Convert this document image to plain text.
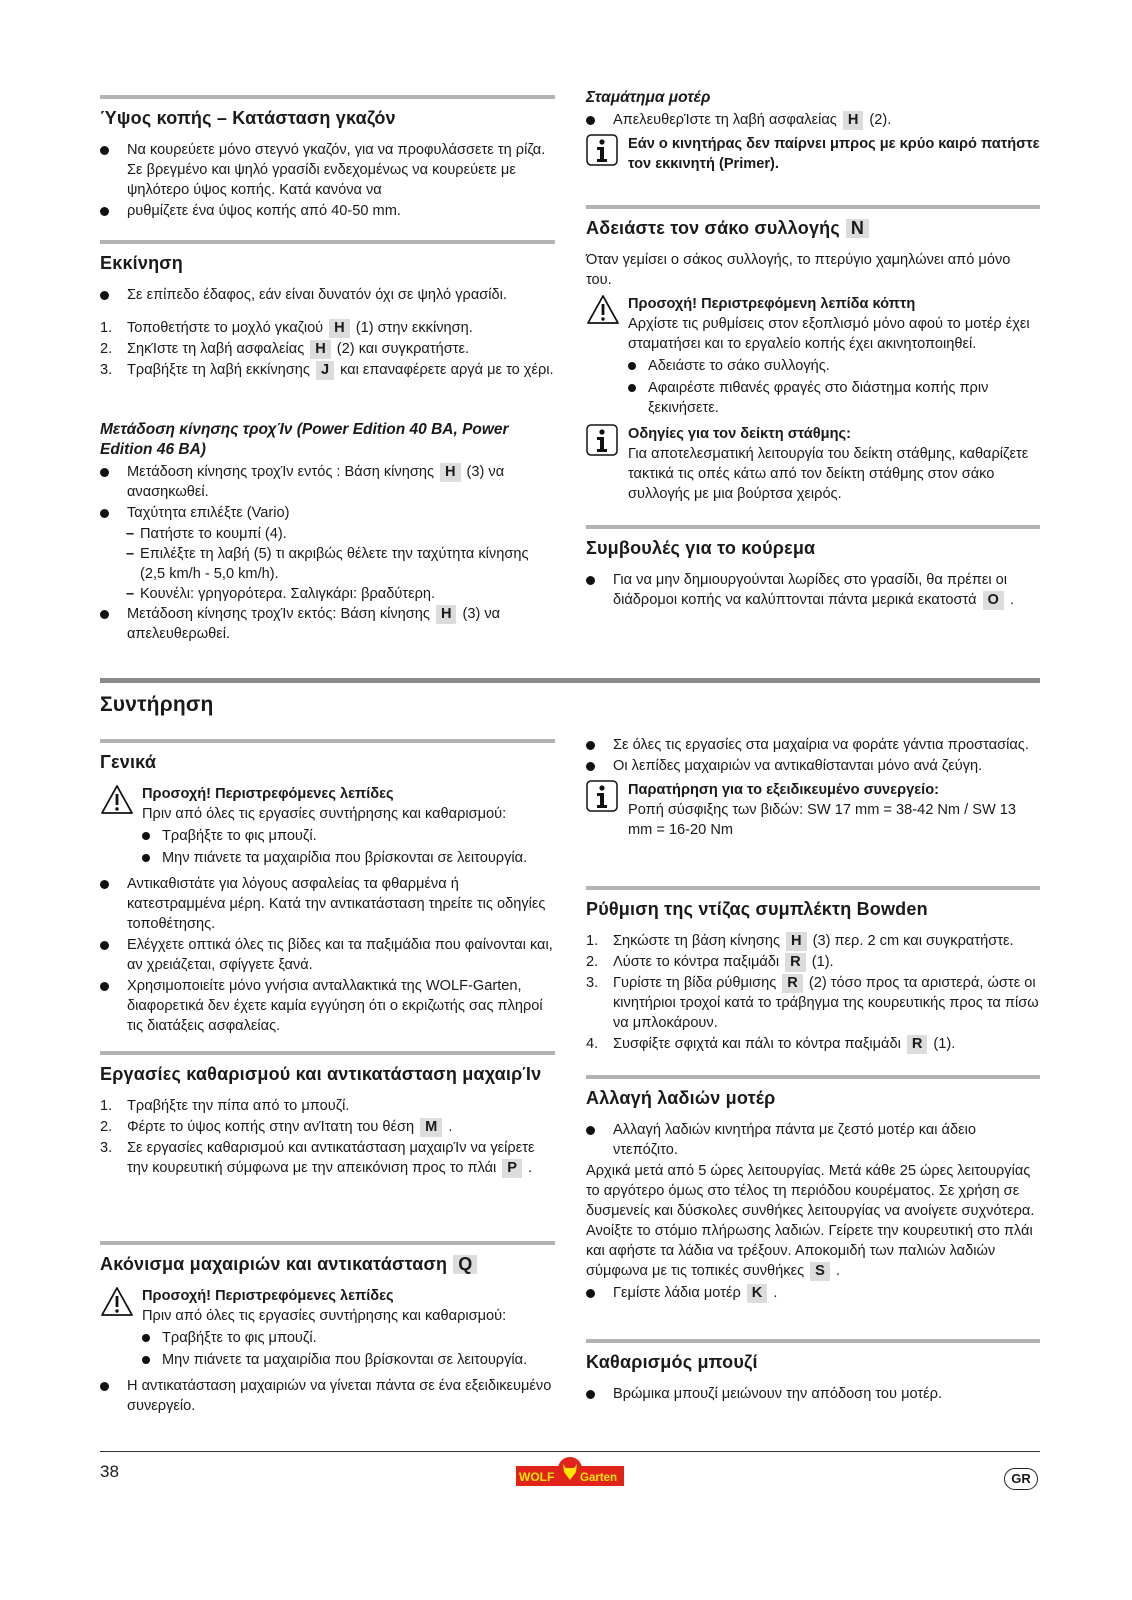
Ύψος κοπής – Κατάσταση γκαζόν
Να κουρεύετε μόνο στεγνό γκαζόν, για να προφυλάσσετε τη ρίζα. Σε βρεγμένο και ψηλό γρασίδι ενδεχομένως να κουρεύετε με ψηλότερο ύψος κοπής. Κατά κανόνα να
ρυθμίζετε ένα ύψος κοπής από 40-50 mm.
Εκκίνηση
Σε επίπεδο έδαφος, εάν είναι δυνατόν όχι σε ψηλό γρασίδι.
1. Τοποθετήστε το μοχλό γκαζιού H (1) στην εκκίνηση.
2. ΣηκΊστε τη λαβή ασφαλείας H (2) και συγκρατήστε.
3. Τραβήξτε τη λαβή εκκίνησης J και επαναφέρετε αργά με το χέρι.
Μετάδοση κίνησης τροχΊν (Power Edition 40 BA, Power Edition 46 BA)
Μετάδοση κίνησης τροχΊν εντός : Βάση κίνησης H (3) να ανασηκωθεί.
Ταχύτητα επιλέξτε (Vario)
– Πατήστε το κουμπί (4).
– Επιλέξτε τη λαβή (5) τι ακριβώς θέλετε την ταχύτητα κίνησης (2,5 km/h - 5,0 km/h).
– Κουνέλι: γρηγορότερα. Σαλιγκάρι: βραδύτερη.
Μετάδοση κίνησης τροχΊν εκτός: Βάση κίνησης H (3) να απελευθερωθεί.
Σταμάτημα μοτέρ
ΑπελευθερΊστε τη λαβή ασφαλείας H (2).
Εάν ο κινητήρας δεν παίρνει μπρος με κρύο καιρό πατήστε τον εκκινητή (Primer).
Αδειάστε τον σάκο συλλογής N
Όταν γεμίσει ο σάκος συλλογής, το πτερύγιο χαμηλώνει από μόνο του.
Προσοχή! Περιστρεφόμενη λεπίδα κόπτη
Αρχίστε τις ρυθμίσεις στον εξοπλισμό μόνο αφού το μοτέρ έχει σταματήσει και το εργαλείο κοπής έχει ακινητοποιηθεί.
Αδειάστε το σάκο συλλογής.
Αφαιρέστε πιθανές φραγές στο διάστημα κοπής πριν ξεκινήσετε.
Οδηγίες για τον δείκτη στάθμης:
Για αποτελεσματική λειτουργία του δείκτη στάθμης, καθαρίζετε τακτικά τις οπές κάτω από τον δείκτη στάθμης στον σάκο συλλογής με μια βούρτσα χειρός.
Συμβουλές για το κούρεμα
Για να μην δημιουργούνται λωρίδες στο γρασίδι, θα πρέπει οι διάδρομοι κοπής να καλύπτονται πάντα μερικά εκατοστά O .
Συντήρηση
Γενικά
Προσοχή! Περιστρεφόμενες λεπίδες
Πριν από όλες τις εργασίες συντήρησης και καθαρισμού:
Τραβήξτε το φις μπουζί.
Μην πιάνετε τα μαχαιρίδια που βρίσκονται σε λειτουργία.
Αντικαθιστάτε για λόγους ασφαλείας τα φθαρμένα ή κατεστραμμένα μέρη. Κατά την αντικατάσταση τηρείτε τις οδηγίες τοποθέτησης.
Ελέγχετε οπτικά όλες τις βίδες και τα παξιμάδια που φαίνονται και, αν χρειάζεται, σφίγγετε ξανά.
Χρησιμοποιείτε μόνο γνήσια ανταλλακτικά της WOLF-Garten, διαφορετικά δεν έχετε καμία εγγύηση ότι ο εκριζωτής σας πληροί τις διατάξεις ασφαλείας.
Εργασίες καθαρισμού και αντικατάσταση μαχαιρΊν
1. Τραβήξτε την πίπα από το μπουζί.
2. Φέρτε το ύψος κοπής στην ανΊτατη του θέση M .
3. Σε εργασίες καθαρισμού και αντικατάσταση μαχαιρΊν να γείρετε την κουρευτική σύμφωνα με την απεικόνιση προς το πλάι P .
Ακόνισμα μαχαιριών και αντικατάσταση Q
Προσοχή! Περιστρεφόμενες λεπίδες
Πριν από όλες τις εργασίες συντήρησης και καθαρισμού:
Τραβήξτε το φις μπουζί.
Μην πιάνετε τα μαχαιρίδια που βρίσκονται σε λειτουργία.
Η αντικατάσταση μαχαιριών να γίνεται πάντα σε ένα εξειδικευμένο συνεργείο.
Σε όλες τις εργασίες στα μαχαίρια να φοράτε γάντια προστασίας.
Οι λεπίδες μαχαιριών να αντικαθίστανται μόνο ανά ζεύγη.
Παρατήρηση για το εξειδικευμένο συνεργείο:
Ροπή σύσφιξης των βιδών: SW 17 mm = 38-42 Nm / SW 13 mm = 16-20 Nm
Ρύθμιση της ντίζας συμπλέκτη Bowden
1. Σηκώστε τη βάση κίνησης H (3) περ. 2 cm και συγκρατήστε.
2. Λύστε το κόντρα παξιμάδι R (1).
3. Γυρίστε τη βίδα ρύθμισης R (2) τόσο προς τα αριστερά, ώστε οι κινητήριοι τροχοί κατά το τράβηγμα της κουρευτικής προς τα πίσω να μπλοκάρουν.
4. Συσφίξτε σφιχτά και πάλι το κόντρα παξιμάδι R (1).
Αλλαγή λαδιών μοτέρ
Αλλαγή λαδιών κινητήρα πάντα με ζεστό μοτέρ και άδειο ντεπόζιτο.
Αρχικά μετά από 5 ώρες λειτουργίας. Μετά κάθε 25 ώρες λειτουργίας το αργότερο όμως στο τέλος τη περιόδου κουρέματος. Σε χρήση σε δυσμενείς και δύσκολες συνθήκες λειτουργίας να ανοίγετε συχνότερα. Ανοίξτε το στόμιο πλήρωσης λαδιών. Γείρετε την κουρευτική στο πλάι και αφήστε τα λάδια να τρέξουν. Αποκομιδή των παλιών λαδιών σύμφωνα με τις τοπικές συνθήκες S .
Γεμίστε λάδια μοτέρ K .
Καθαρισμός μπουζί
Βρώμικα μπουζί μειώνουν την απόδοση του μοτέρ.
38	WOLF Garten	GR
